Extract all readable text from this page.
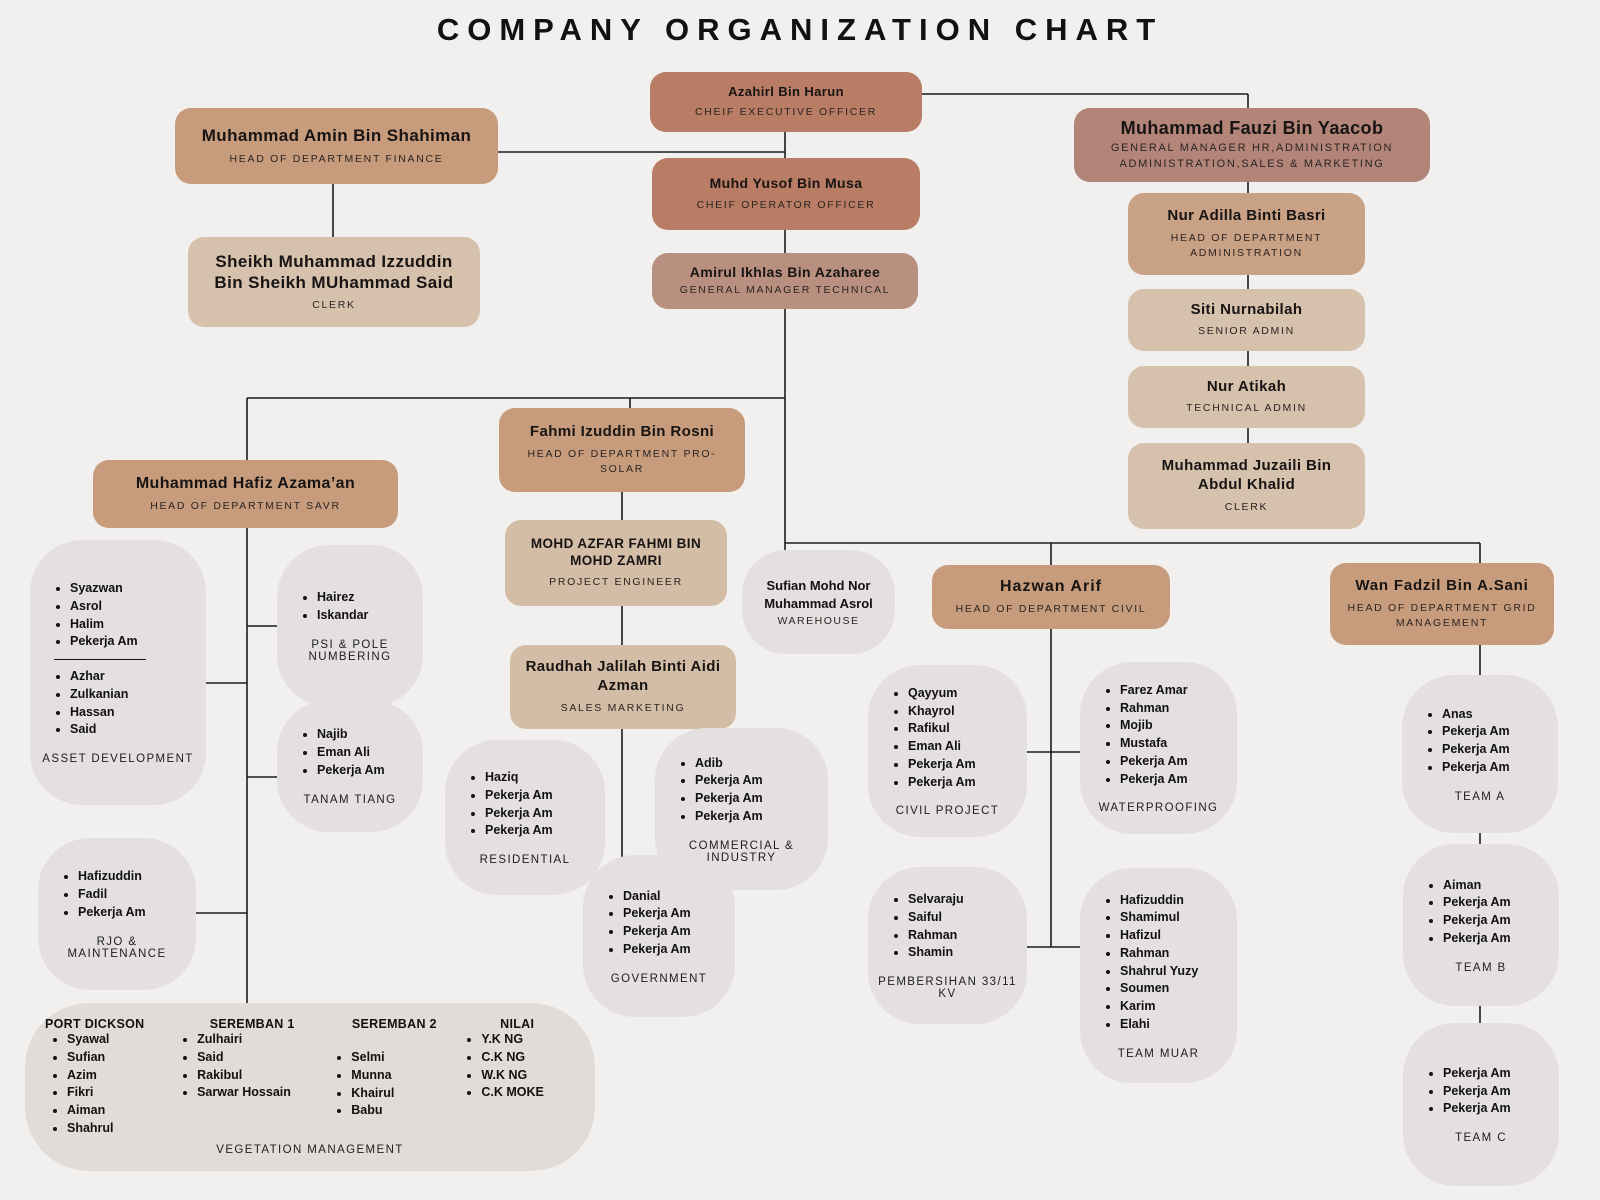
COMPANY ORGANIZATION CHART
Azahirl Bin Harun
CHEIF EXECUTIVE OFFICER
Muhd Yusof Bin Musa
CHEIF OPERATOR OFFICER
Amirul Ikhlas Bin Azaharee
GENERAL MANAGER TECHNICAL
Muhammad Amin Bin Shahiman
HEAD OF DEPARTMENT FINANCE
Sheikh Muhammad Izzuddin Bin Sheikh MUhammad Said
CLERK
Muhammad Fauzi Bin Yaacob
GENERAL MANAGER HR,ADMINISTRATION ADMINISTRATION,SALES & MARKETING
Nur Adilla Binti Basri
HEAD OF DEPARTMENT ADMINISTRATION
Siti Nurnabilah
SENIOR ADMIN
Nur Atikah
TECHNICAL ADMIN
Muhammad Juzaili Bin Abdul Khalid
CLERK
Muhammad Hafiz Azama’an
HEAD OF DEPARTMENT SAVR
Fahmi Izuddin Bin Rosni
HEAD OF DEPARTMENT PRO-SOLAR
MOHD AZFAR FAHMI BIN MOHD ZAMRI
PROJECT ENGINEER
Raudhah Jalilah Binti Aidi Azman
SALES MARKETING
Hazwan Arif
HEAD OF DEPARTMENT CIVIL
Wan Fadzil Bin A.Sani
HEAD OF DEPARTMENT GRID MANAGEMENT
Sufian Mohd Nor Muhammad Asrol
WAREHOUSE
• Syazwan
• Asrol
• Halim
• Pekerja Am
• Azhar
• Zulkanian
• Hassan
• Said
ASSET DEVELOPMENT
• Hairez
• Iskandar
PSI & POLE NUMBERING
• Najib
• Eman Ali
• Pekerja Am
TANAM TIANG
• Hafizuddin
• Fadil
• Pekerja Am
RJO & MAINTENANCE
• Haziq
• Pekerja Am
• Pekerja Am
• Pekerja Am
RESIDENTIAL
• Adib
• Pekerja Am
• Pekerja Am
• Pekerja Am
COMMERCIAL & INDUSTRY
• Danial
• Pekerja Am
• Pekerja Am
• Pekerja Am
GOVERNMENT
• Qayyum
• Khayrol
• Rafikul
• Eman Ali
• Pekerja Am
• Pekerja Am
CIVIL PROJECT
• Farez Amar
• Rahman
• Mojib
• Mustafa
• Pekerja Am
• Pekerja Am
WATERPROOFING
• Selvaraju
• Saiful
• Rahman
• Shamin
PEMBERSIHAN 33/11 KV
• Hafizuddin
• Shamimul
• Hafizul
• Rahman
• Shahrul Yuzy
• Soumen
• Karim
• Elahi
TEAM MUAR
• Anas
• Pekerja Am
• Pekerja Am
• Pekerja Am
TEAM A
• Aiman
• Pekerja Am
• Pekerja Am
• Pekerja Am
TEAM B
• Pekerja Am
• Pekerja Am
• Pekerja Am
TEAM C
PORT DICKSON
• Syawal
• Sufian
• Azim
• Fikri
• Aiman
• Shahrul
SEREMBAN 1
• Zulhairi
• Said
• Rakibul
• Sarwar Hossain
SEREMBAN 2
• Selmi
• Munna
• Khairul
• Babu
NILAI
• Y.K NG
• C.K NG
• W.K NG
• C.K MOKE
VEGETATION MANAGEMENT
